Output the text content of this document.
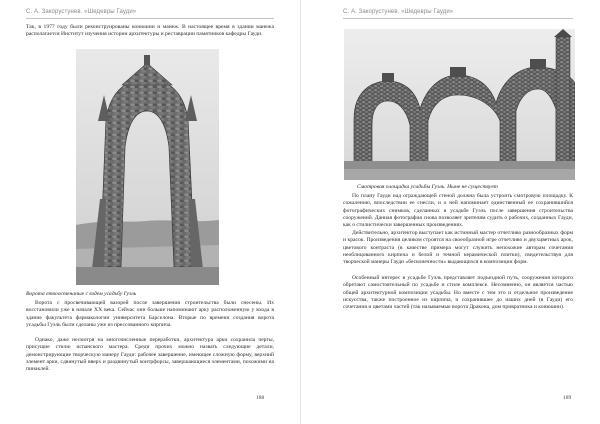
С. А. Закорустунев. «Шедевры Гауди»

Так, в 1977 году были реконструированы конюшни и манеж. В настоящее время в здании манежа располагается Институт изучения истории архитектуры и реставрации памятников кафедры Гауди.

Ворота етвоостенаные с вздем усадьбу Гуэль

Ворота с просвечивающей вазорей после завершения строительства были снесены. Их восстановили уже в начале XX века. Сейчас они больше напоминают арку расположенную у входа в здание факультета фармакологии университета Барселона. Вторые по времени создания ворота усадьбы Гуэль были сделаны уже из прессованного кирпича.

Однако, даже несмотря на многочисленные переработки, архитектура арки сохранила черты, присущие стилю испанского мастера. Среди прочих можно назвать следующие детали, демонстрирующие творческую манеру Гауди: рабочее завершение, имеющее сложную форму, верхний элемент арки, сдвинутый вверх и раздвинутый контрфорсы, завершающиеся элементами, похожими на пинаклей.

188
С. А. Закорустунев. «Шедевры Гауди»
Смотровая площадка усадьбы Гуэль. Ныне не существует

По плану Гауди над ограждающей стеной должна была устроить смотровую площадку. К сожалению, впоследствии ее снесли, и о ней напоминает единственный ее сохранившийся фотографических снимков, сделанных в усадьбе Гуэль после завершения строительства сооружений. Данная фотография снова позволяет зрителям судить о рабочих, созданных Гауди, как о стилистически завершенных произведениях.

Действительно, архитектор выступает как истинный мастер отчетливо разнообразных форм и красок. Произведения целиком строятся на своеобразной игре отчетливо и двухцветных арок, цветового контраста (в качестве примера могут служить непохожие авторам сочетания необлицованного кирпича и белой и темной керамической плитки), свидетельствуя для творческой манеры Гауди «бесконечности» выдающихся в композиции форм.

Особенный интерес в усадьбе Гуэль представляет подъездной путь, сооружения которого обретают самостоятельный по усадьбе и стиле комплексе. Несомненно, он является частью общей архитектурной композиции усадьбы. Но вместе с тем это и отдельное произведение искусства, также построенное из кирпича, и сохранившее до наших дней (в Гауди) его сочетания и цветами частей (так называемые ворота Дракона, дом привратника и конюшни).

189
